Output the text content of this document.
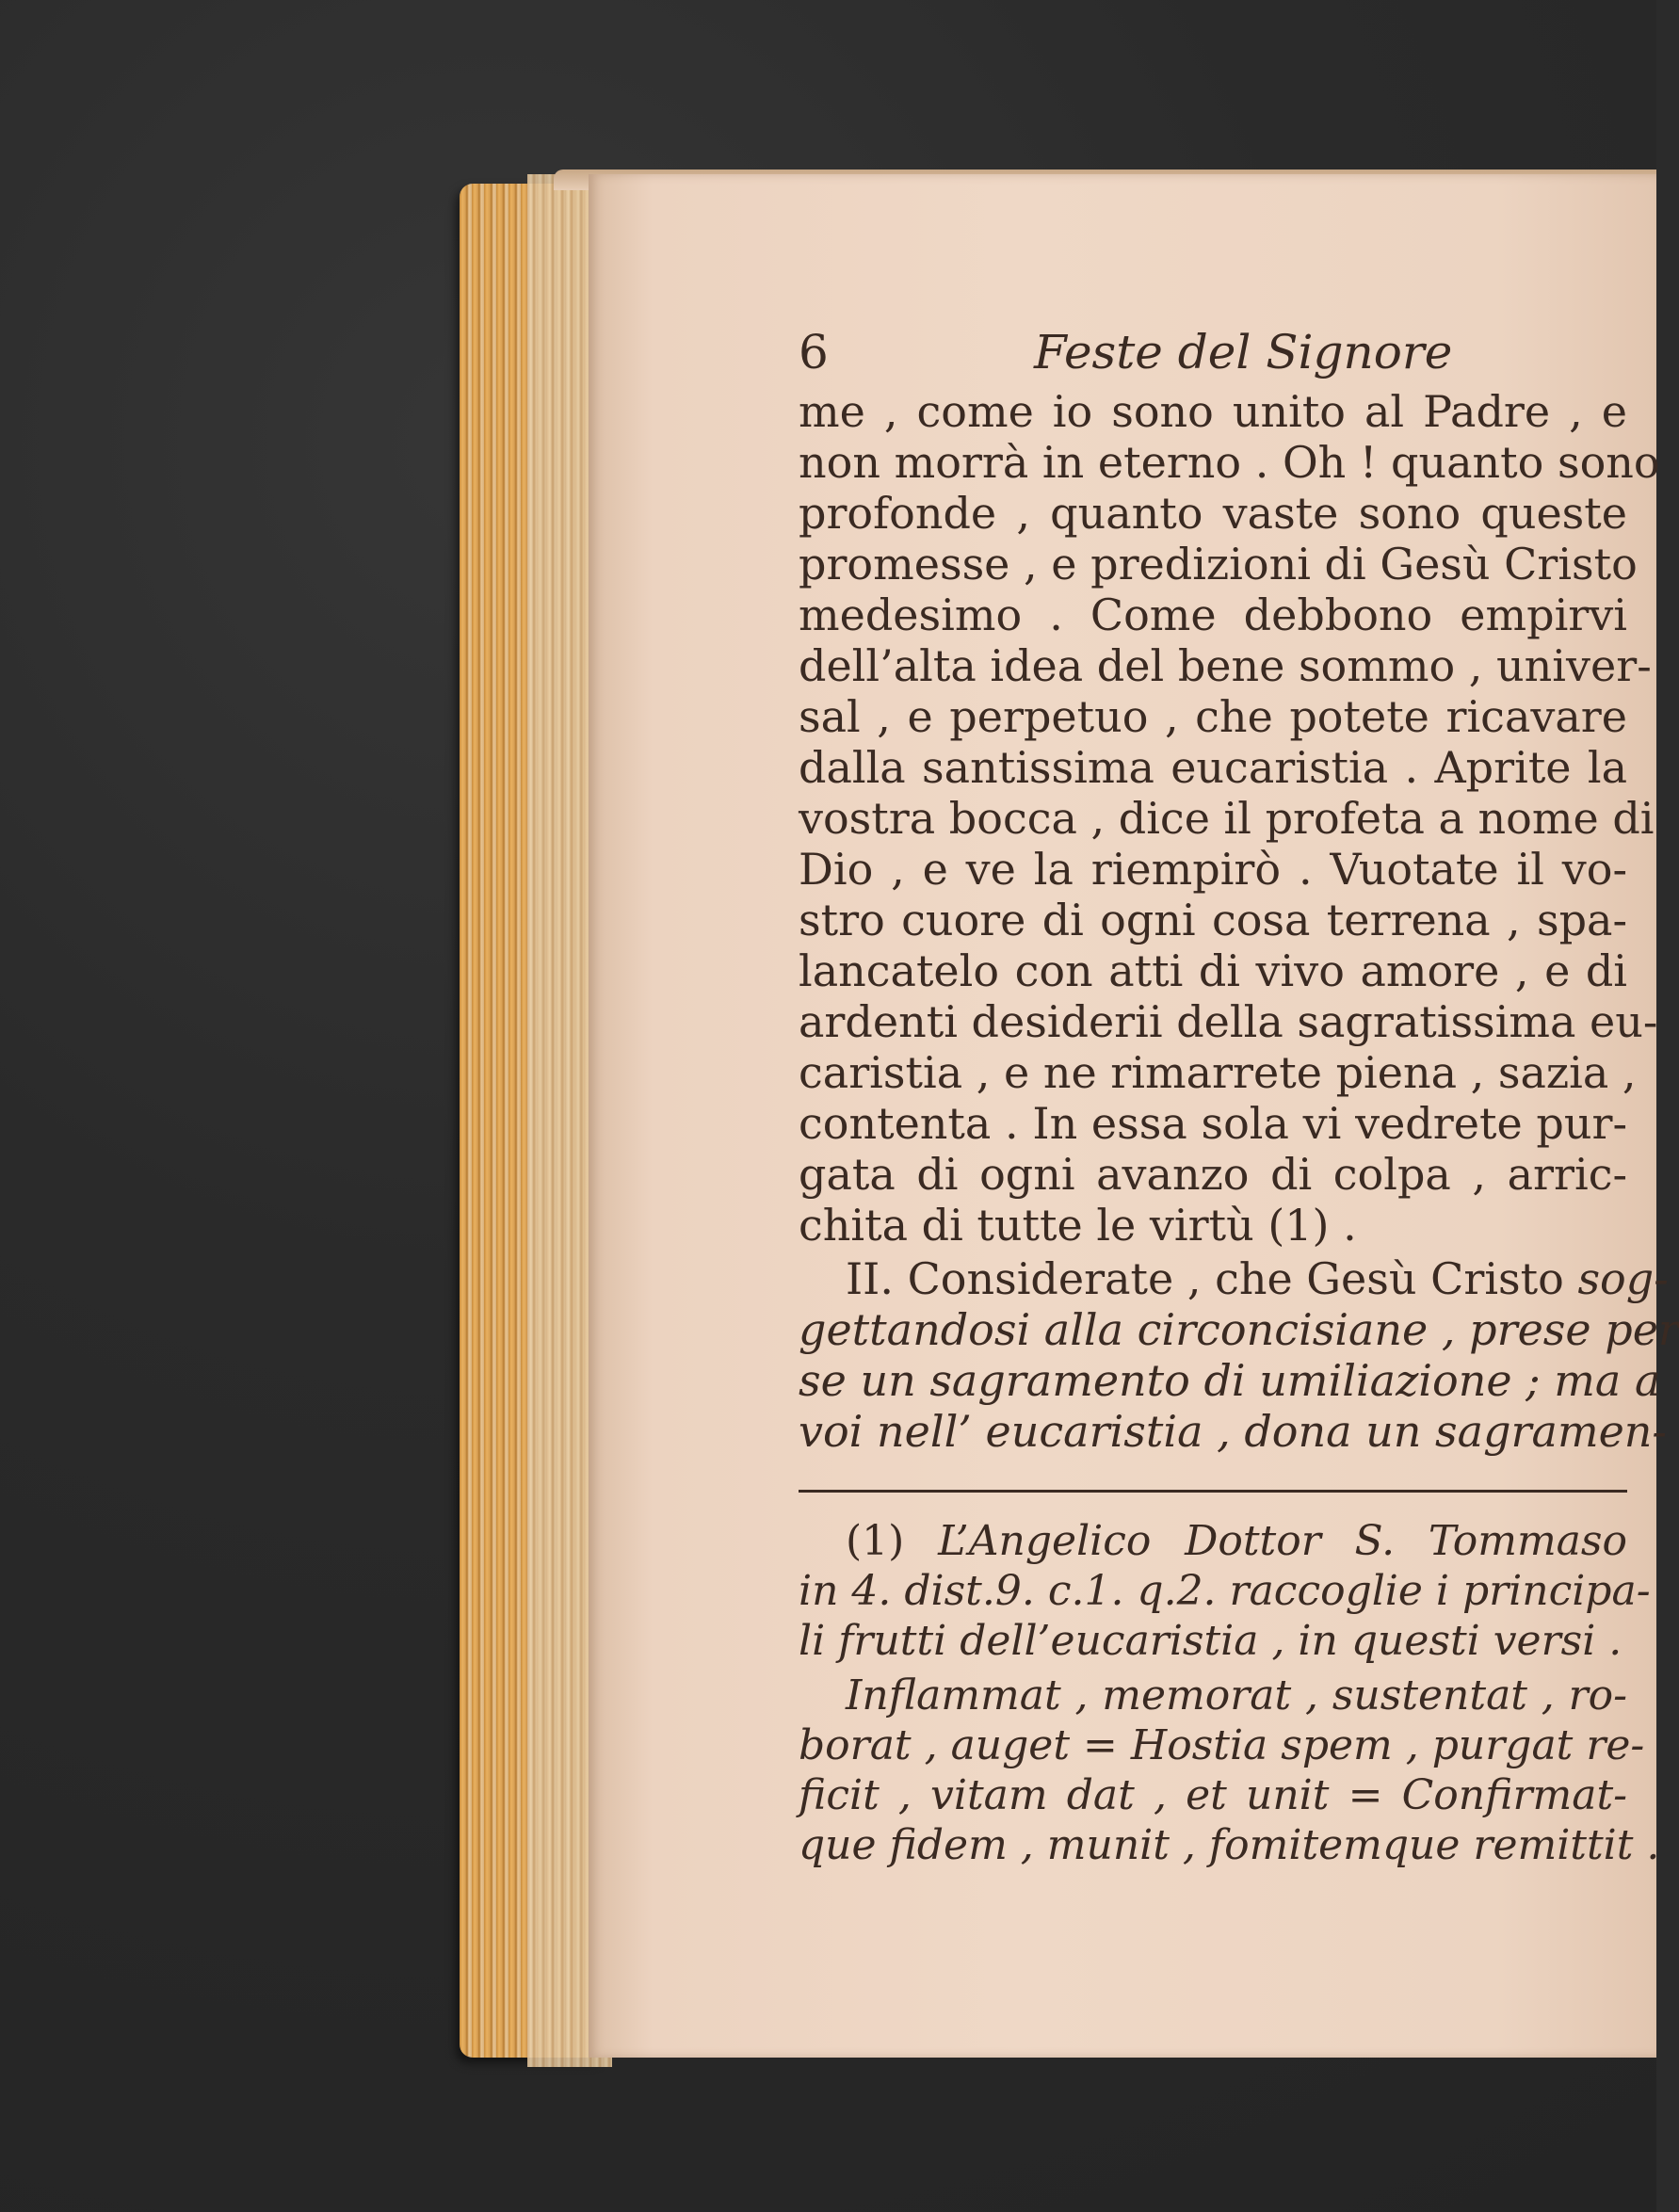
6	Feste del Signore
me , come io sono unito al Padre , e
non morrà in eterno . Oh ! quanto sono
profonde , quanto vaste sono queste
promesse , e predizioni di Gesù Cristo
medesimo . Come debbono empirvi
dell’alta idea del bene sommo , univer-
sal , e perpetuo , che potete ricavare
dalla santissima eucaristia . Aprite la
vostra bocca , dice il profeta a nome di
Dio , e ve la riempirò . Vuotate il vo-
stro cuore di ogni cosa terrena , spa-
lancatelo con atti di vivo amore , e di
ardenti desiderii della sagratissima eu-
caristia , e ne rimarrete piena , sazia ,
contenta . In essa sola vi vedrete pur-
gata di ogni avanzo di colpa , arric-
chita di tutte le virtù (1) .
II. Considerate , che Gesù Cristo sog-
gettandosi alla circoncisiane , prese per
se un sagramento di umiliazione ; ma a
voi nell’ eucaristia , dona un sagramen-
(1) L’Angelico Dottor S. Tommaso
in 4. dist.9. c.1. q.2. raccoglie i principa-
li frutti dell’eucaristia , in questi versi .
Inflammat , memorat , sustentat , ro-
borat , auget = Hostia spem , purgat re-
ficit , vitam dat , et unit = Confirmat-
que fidem , munit , fomitemque remittit .
